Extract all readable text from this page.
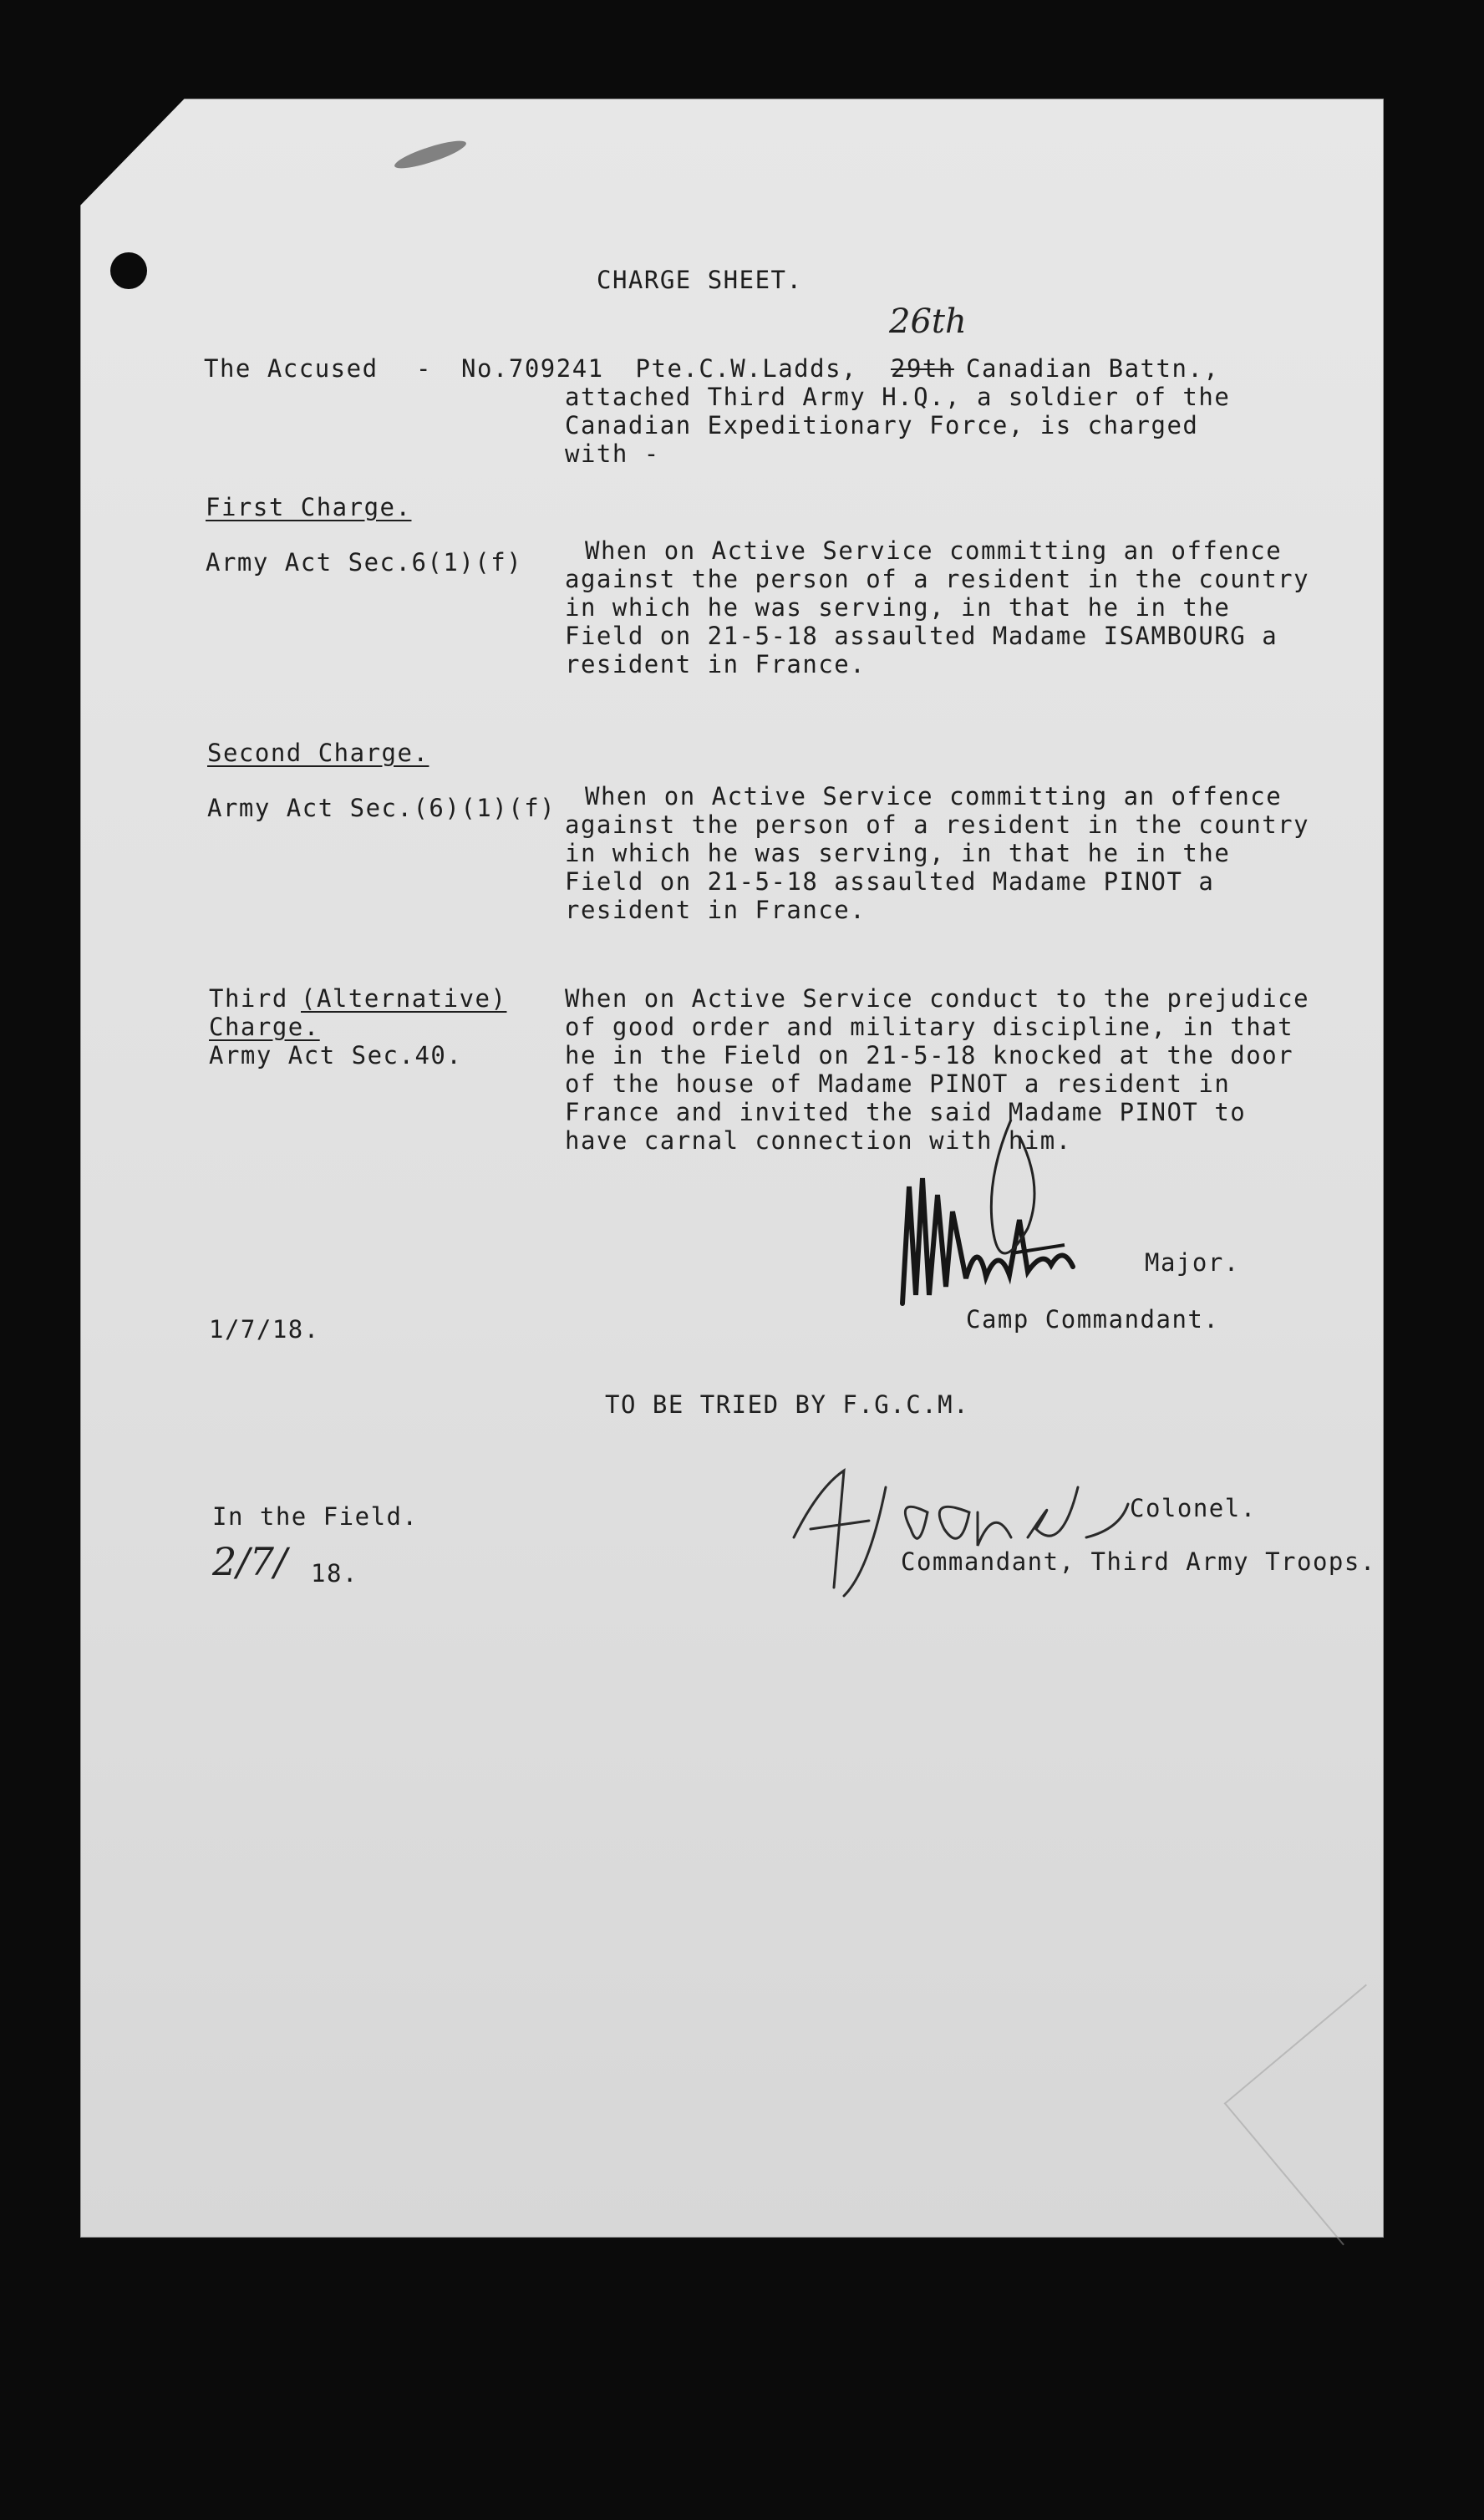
CHARGE SHEET.
The Accused - No.709241  Pte.C.W.Ladds, 29th Canadian Battn.,
26th
attached Third Army H.Q., a soldier of the
Canadian Expeditionary Force, is charged
with -
First Charge.
Army Act Sec.6(1)(f)	When on Active Service committing an offence
against the person of a resident in the country
in which he was serving, in that he in the
Field on 21-5-18 assaulted Madame ISAMBOURG a
resident in France.
Second Charge.
Army Act Sec.(6)(1)(f) When on Active Service committing an offence
against the person of a resident in the country
in which he was serving, in that he in the
Field on 21-5-18 assaulted Madame PINOT a
resident in France.
Third (Alternative)
Charge.
Army Act Sec.40.
When on Active Service conduct to the prejudice
of good order and military discipline, in that
he in the Field on 21-5-18 knocked at the door
of the house of Madame PINOT a resident in
France and invited the said Madame PINOT to
have carnal connection with him.
Major.
Camp Commandant.
1/7/18.
TO BE TRIED BY F.G.C.M.
Colonel.
Commandant, Third Army Troops.
In the Field.
2/7/ 18.
